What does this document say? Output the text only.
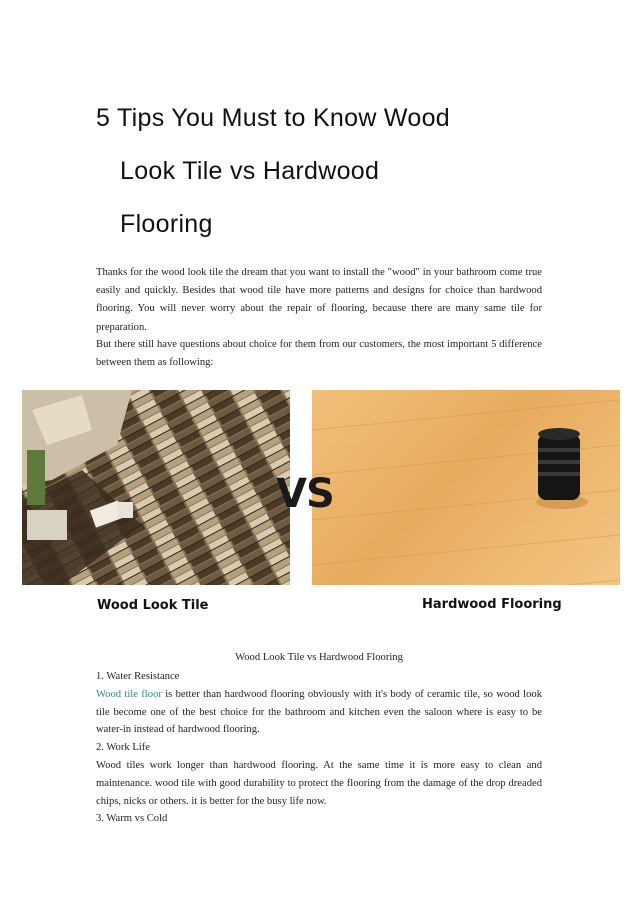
5 Tips You Must to Know Wood
Look Tile vs Hardwood
Flooring
Thanks for the wood look tile the dream that you want to install the "wood" in your bathroom come true easily and quickly. Besides that wood tile have more patterns and designs for choice than hardwood flooring. You will never worry about the repair of flooring, because there are many same tile for preparation.
But there still have questions about choice for them from our customers, the most important 5 difference between them as following:
VS
Wood Look Tile	Hardwood Flooring
Wood Look Tile vs Hardwood Flooring

1. Water Resistance

Wood tile floor is better than hardwood flooring obviously with it's body of ceramic tile, so wood look tile become one of the best choice for the bathroom and kitchen even the saloon where is easy to be water-in instead of hardwood flooring.

2. Work Life

Wood tiles work longer than hardwood flooring. At the same time it is more easy to clean and maintenance. wood tile with good durability to protect the flooring from the damage of the drop dreaded chips, nicks or others. it is better for the busy life now.

3. Warm vs Cold
